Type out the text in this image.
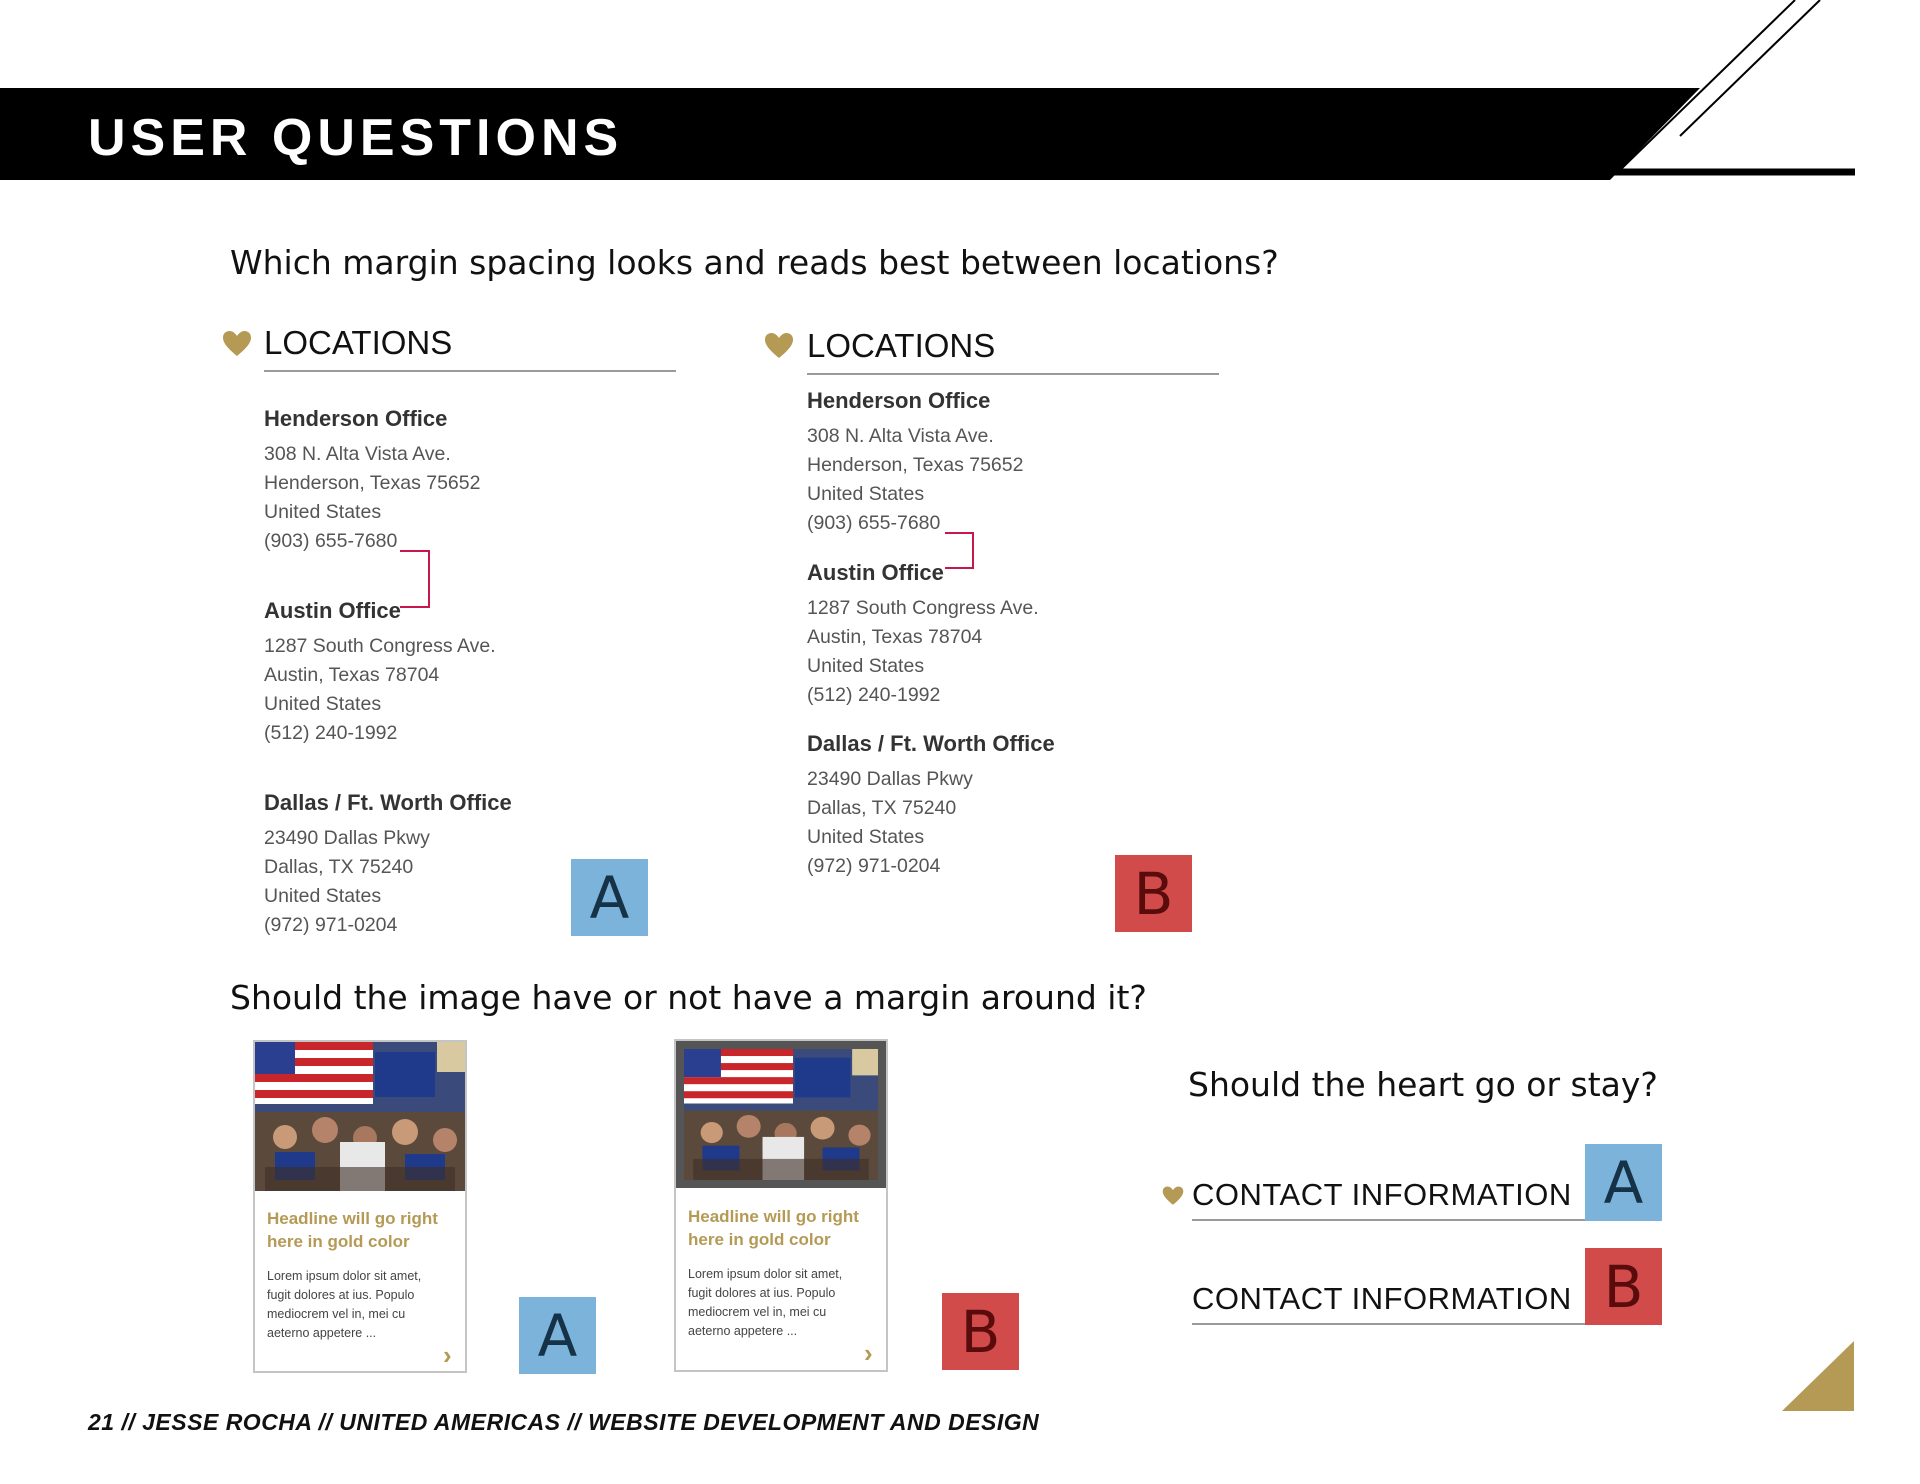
USER QUESTIONS
Which margin spacing looks and reads best between locations?
LOCATIONS
Henderson Office
308 N. Alta Vista Ave.
Henderson, Texas 75652
United States
(903) 655-7680
Austin Office
1287 South Congress Ave.
Austin, Texas 78704
United States
(512) 240-1992
Dallas / Ft. Worth Office
23490 Dallas Pkwy
Dallas, TX 75240
United States
(972) 971-0204	A
LOCATIONS
Henderson Office
308 N. Alta Vista Ave.
Henderson, Texas 75652
United States
(903) 655-7680
Austin Office
1287 South Congress Ave.
Austin, Texas 78704
United States
(512) 240-1992
Dallas / Ft. Worth Office
23490 Dallas Pkwy
Dallas, TX 75240
United States
(972) 971-0204	B
Should the image have or not have a margin around it?
Headline will go right
here in gold color
Lorem ipsum dolor sit amet,
fugit dolores at ius. Populo
mediocrem vel in, mei cu
aeterno appetere ...
›	A
Headline will go right
here in gold color
Lorem ipsum dolor sit amet,
fugit dolores at ius. Populo
mediocrem vel in, mei cu
aeterno appetere ...
›	B
Should the heart go or stay?
CONTACT INFORMATION A
CONTACT INFORMATION B
21 // JESSE ROCHA // UNITED AMERICAS // WEBSITE DEVELOPMENT AND DESIGN
